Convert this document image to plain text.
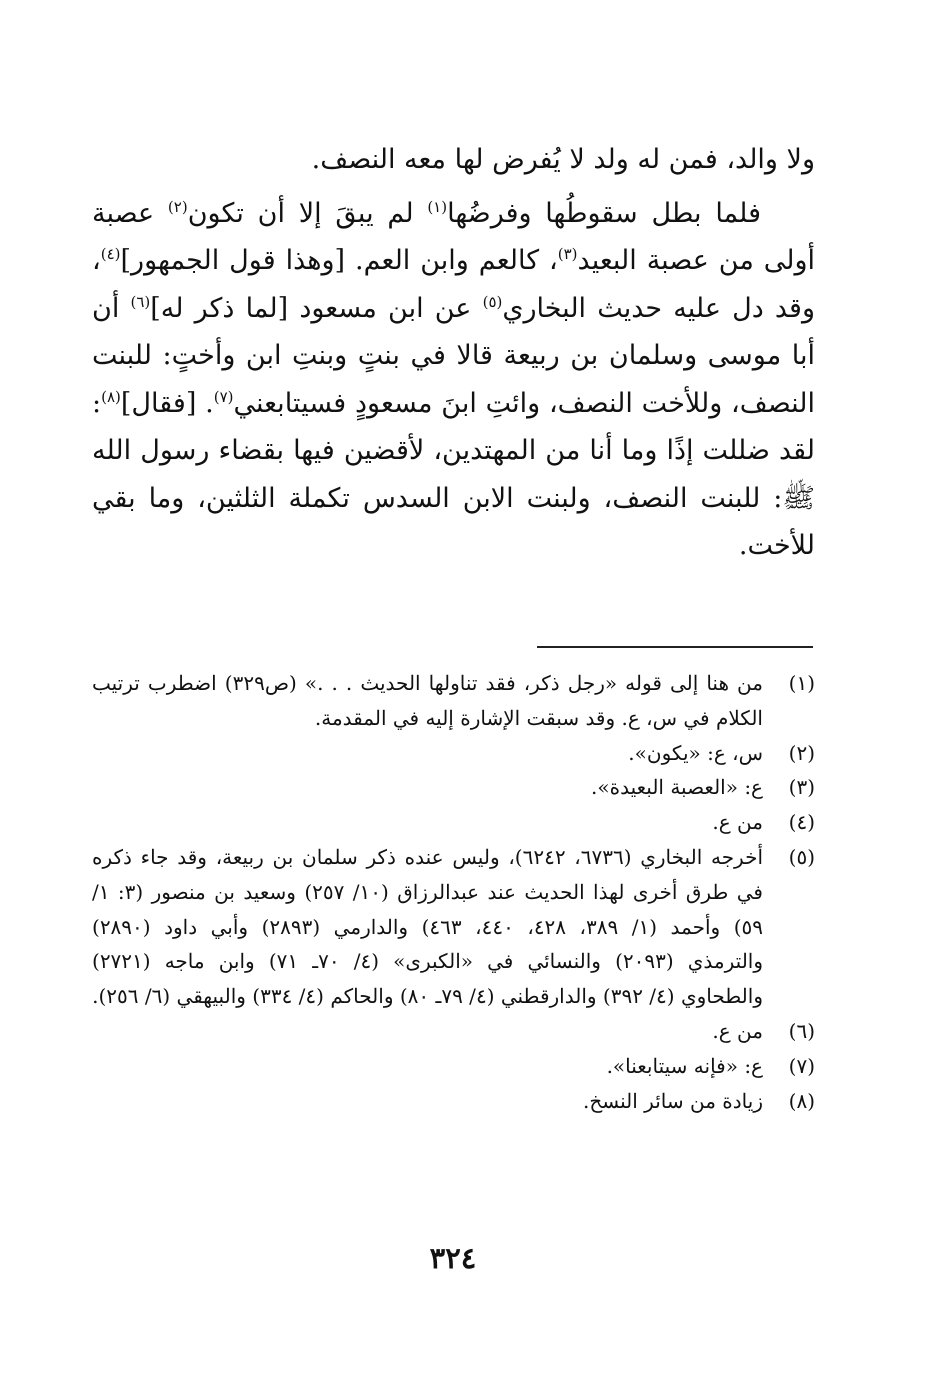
ولا والد، فمن له ولد لا يُفرض لها معه النصف.

فلما بطل سقوطُها وفرضُها$^{(١)}$ لم يبقَ إلا أن تكون$^{(٢)}$ عصبة أولى من عصبة البعيد$^{(٣)}$، كالعم وابن العم. [وهذا قول الجمهور]$^{(٤)}$، وقد دل عليه حديث البخاري$^{(٥)}$ عن ابن مسعود [لما ذكر له]$^{(٦)}$ أن أبا موسى وسلمان بن ربيعة قالا في بنتٍ وبنتِ ابن وأختٍ: للبنت النصف، وللأخت النصف، وائتِ ابنَ مسعودٍ فسيتابعني$^{(٧)}$. [فقال]$^{(٨)}$: لقد ضللت إذًا وما أنا من المهتدين، لأقضين فيها بقضاء رسول الله ﷺ: للبنت النصف، ولبنت الابن السدس تكملة الثلثين، وما بقي للأخت.

(١)
من هنا إلى قوله «رجل ذكر، فقد تناولها الحديث . . .» (ص٣٢٩) اضطرب ترتيب الكلام في س، ع. وقد سبقت الإشارة إليه في المقدمة.
(٢)
س، ع: «يكون».
(٣)
ع: «العصبة البعيدة».
(٤)
من ع.
(٥)
أخرجه البخاري (٦٧٣٦، ٦٢٤٢)، وليس عنده ذكر سلمان بن ربيعة، وقد جاء ذكره في طرق أخرى لهذا الحديث عند عبدالرزاق (١٠/ ٢٥٧) وسعيد بن منصور (٣: ١/ ٥٩) وأحمد (١/ ٣٨٩، ٤٢٨، ٤٤٠، ٤٦٣) والدارمي (٢٨٩٣) وأبي داود (٢٨٩٠) والترمذي (٢٠٩٣) والنسائي في «الكبرى» (٤/ ٧٠ـ ٧١) وابن ماجه (٢٧٢١) والطحاوي (٤/ ٣٩٢) والدارقطني (٤/ ٧٩ـ ٨٠) والحاكم (٤/ ٣٣٤) والبيهقي (٦/ ٢٥٦).
(٦)
من ع.
(٧)
ع: «فإنه سيتابعنا».
(٨)
زيادة من سائر النسخ.
٣٢٤
